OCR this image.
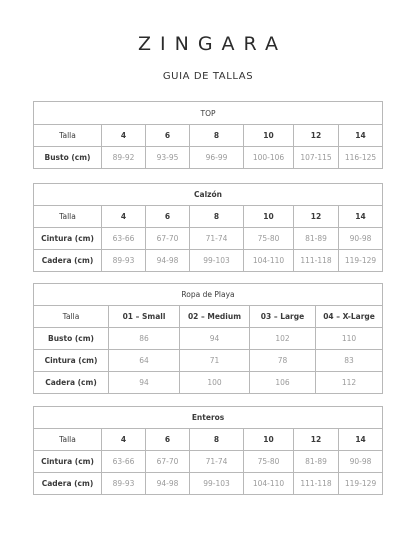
ZINGARA
GUIA DE TALLAS
TOP						
Talla	4	6	8	10	12	14
Busto (cm)	89-92	93-95	96-99	100-106	107-115	116-125
Calzón						
Talla	4	6	8	10	12	14
Cintura (cm)	63-66	67-70	71-74	75-80	81-89	90-98
Cadera (cm)	89-93	94-98	99-103	104-110	111-118	119-129
Ropa de Playa				
Talla	01 – Small	02 – Medium	03 – Large	04 – X-Large
Busto (cm)	86	94	102	110
Cintura (cm)	64	71	78	83
Cadera (cm)	94	100	106	112
Enteros						
Talla	4	6	8	10	12	14
Cintura (cm)	63-66	67-70	71-74	75-80	81-89	90-98
Cadera (cm)	89-93	94-98	99-103	104-110	111-118	119-129
